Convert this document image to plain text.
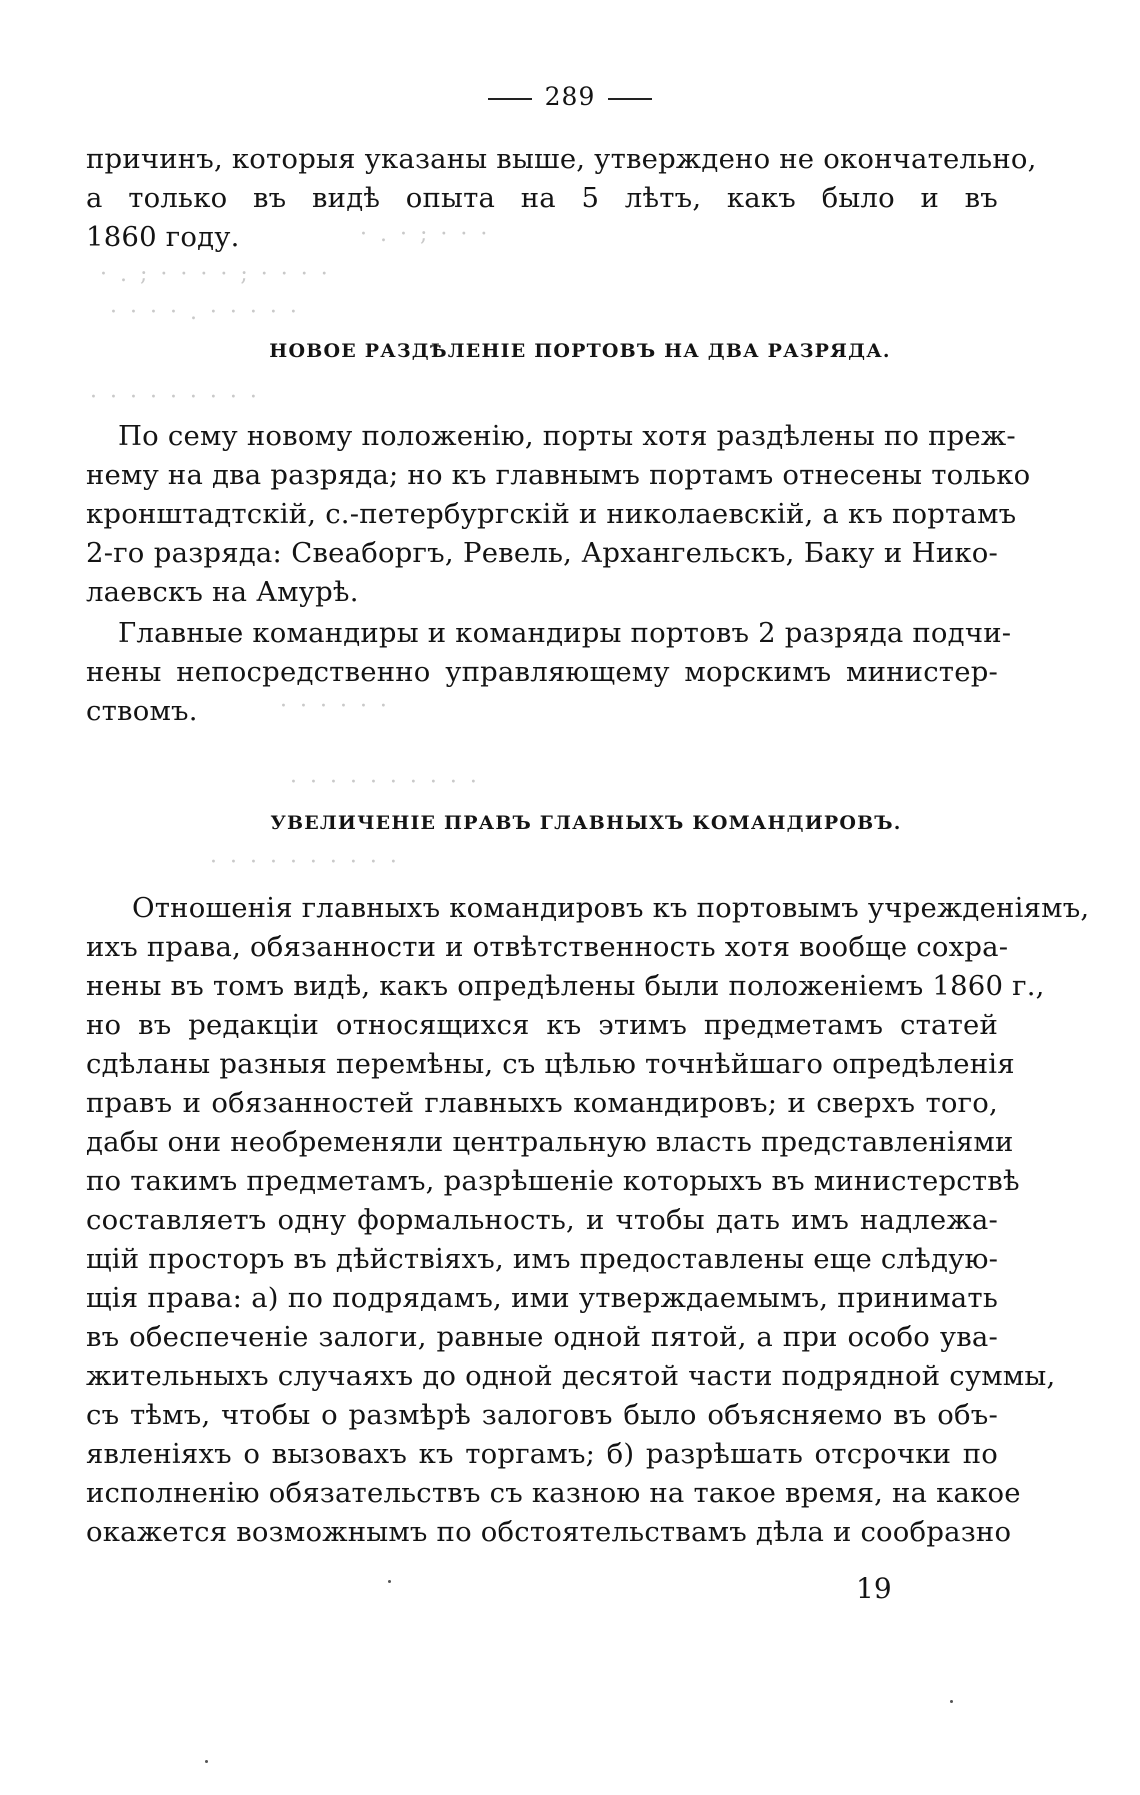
289
причинъ, которыя указаны выше, утверждено не окончательно,
а только въ видѣ опыта на 5 лѣтъ, какъ было и въ
1860 году.	· . · ; · · ·
· . ; · · · · ; · · · ·
· · · · . · · · · ·
· · · · · · · · ·
НОВОЕ РАЗДѢЛЕНІЕ ПОРТОВЪ НА ДВА РАЗРЯДА.
По сему новому положенію, порты хотя раздѣлены по преж-
нему на два разряда; но къ главнымъ портамъ отнесены только
кронштадтскій, с.-петербургскій и николаевскій, а къ портамъ
2-го разряда: Свеаборгъ, Ревель, Архангельскъ, Баку и Нико-
лаевскъ на Амурѣ.
Главные командиры и командиры портовъ 2 разряда подчи-
нены непосредственно управляющему морскимъ министер-
ствомъ.	· · · · · ·
· · · · · · · · · ·
· · · · · · · · · ·
УВЕЛИЧЕНІЕ ПРАВЪ ГЛАВНЫХЪ КОМАНДИРОВЪ.
Отношенія главныхъ командировъ къ портовымъ учрежденіямъ,
ихъ права, обязанности и отвѣтственность хотя вообще сохра-
нены въ томъ видѣ, какъ опредѣлены были положеніемъ 1860 г.,
но въ редакціи относящихся къ этимъ предметамъ статей
сдѣланы разныя перемѣны, съ цѣлью точнѣйшаго опредѣленія
правъ и обязанностей главныхъ командировъ; и сверхъ того,
дабы они необременяли центральную власть представленіями
по такимъ предметамъ, разрѣшеніе которыхъ въ министерствѣ
составляетъ одну формальность, и чтобы дать имъ надлежа-
щій просторъ въ дѣйствіяхъ, имъ предоставлены еще слѣдую-
щія права: а) по подрядамъ, ими утверждаемымъ, принимать
въ обеспеченіе залоги, равные одной пятой, а при особо ува-
жительныхъ случаяхъ до одной десятой части подрядной суммы,
съ тѣмъ, чтобы о размѣрѣ залоговъ было объясняемо въ объ-
явленіяхъ о вызовахъ къ торгамъ; б) разрѣшать отсрочки по
исполненію обязательствъ съ казною на такое время, на какое
окажется возможнымъ по обстоятельствамъ дѣла и сообразно
19
